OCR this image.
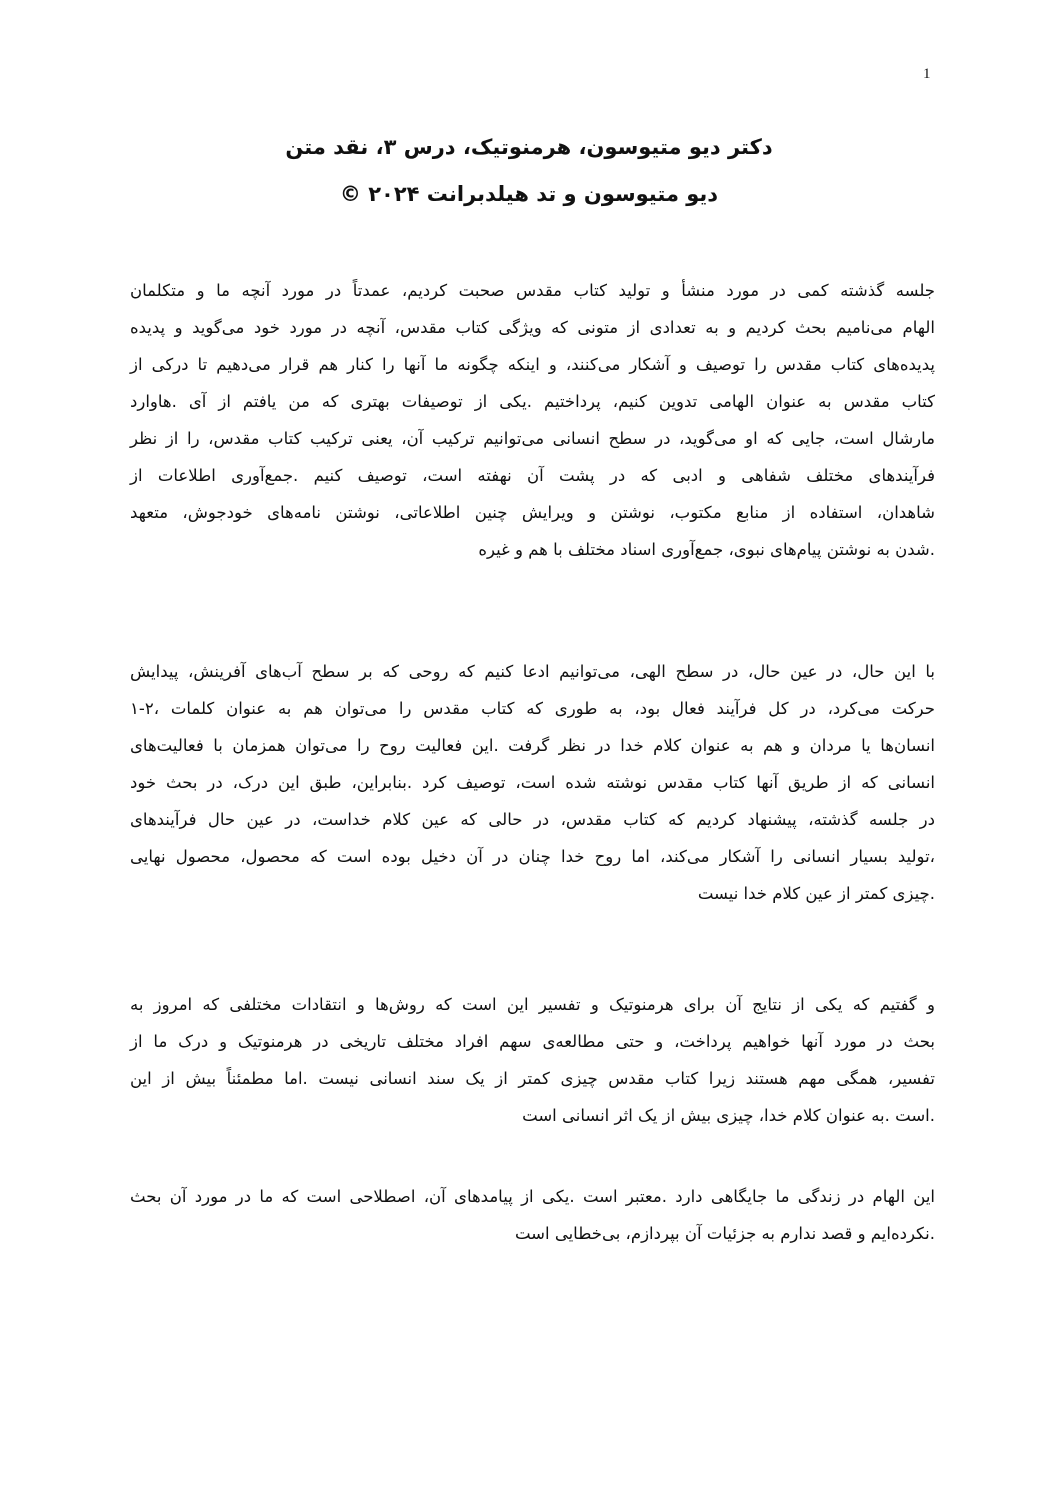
1
دکتر دیو متیوسون، هرمنوتیک، درس ۳، نقد متن
دیو متیوسون و تد هیلدبرانت ۲۰۲۴ ©
جلسه گذشته کمی در مورد منشأ و تولید کتاب مقدس صحبت کردیم، عمدتاً در مورد آنچه ما و متکلمان
الهام می‌نامیم بحث کردیم و به تعدادی از متونی که ویژگی کتاب مقدس، آنچه در مورد خود می‌گوید و پدیده
پدیده‌های کتاب مقدس را توصیف و آشکار می‌کنند، و اینکه چگونه ما آنها را کنار هم قرار می‌دهیم تا درکی از
کتاب مقدس به عنوان الهامی تدوین کنیم، پرداختیم .یکی از توصیفات بهتری که من یافتم از آی .هاوارد
مارشال است، جایی که او می‌گوید، در سطح انسانی می‌توانیم ترکیب آن، یعنی ترکیب کتاب مقدس، را از نظر
فرآیندهای مختلف شفاهی و ادبی که در پشت آن نهفته است، توصیف کنیم .جمع‌آوری اطلاعات از
شاهدان، استفاده از منابع مکتوب، نوشتن و ویرایش چنین اطلاعاتی، نوشتن نامه‌های خودجوش، متعهد
.شدن به نوشتن پیام‌های نبوی، جمع‌آوری اسناد مختلف با هم و غیره
با این حال، در عین حال، در سطح الهی، می‌توانیم ادعا کنیم که روحی که بر سطح آب‌های آفرینش، پیدایش
حرکت می‌کرد، در کل فرآیند فعال بود، به طوری که کتاب مقدس را می‌توان هم به عنوان کلمات ،۲-۱
انسان‌ها یا مردان و هم به عنوان کلام خدا در نظر گرفت .این فعالیت روح را می‌توان همزمان با فعالیت‌های
انسانی که از طریق آنها کتاب مقدس نوشته شده است، توصیف کرد .بنابراین، طبق این درک، در بحث خود
در جلسه گذشته، پیشنهاد کردیم که کتاب مقدس، در حالی که عین کلام خداست، در عین حال فرآیندهای
،تولید بسیار انسانی را آشکار می‌کند، اما روح خدا چنان در آن دخیل بوده است که محصول، محصول نهایی
.چیزی کمتر از عین کلام خدا نیست
و گفتیم که یکی از نتایج آن برای هرمنوتیک و تفسیر این است که روش‌ها و انتقادات مختلفی که امروز به
بحث در مورد آنها خواهیم پرداخت، و حتی مطالعه‌ی سهم افراد مختلف تاریخی در هرمنوتیک و درک ما از
تفسیر، همگی مهم هستند زیرا کتاب مقدس چیزی کمتر از یک سند انسانی نیست .اما مطمئناً بیش از این
.است .به عنوان کلام خدا، چیزی بیش از یک اثر انسانی است
این الهام در زندگی ما جایگاهی دارد .معتبر است .یکی از پیامدهای آن، اصطلاحی است که ما در مورد آن بحث
.نکرده‌ایم و قصد ندارم به جزئیات آن بپردازم، بی‌خطایی است
